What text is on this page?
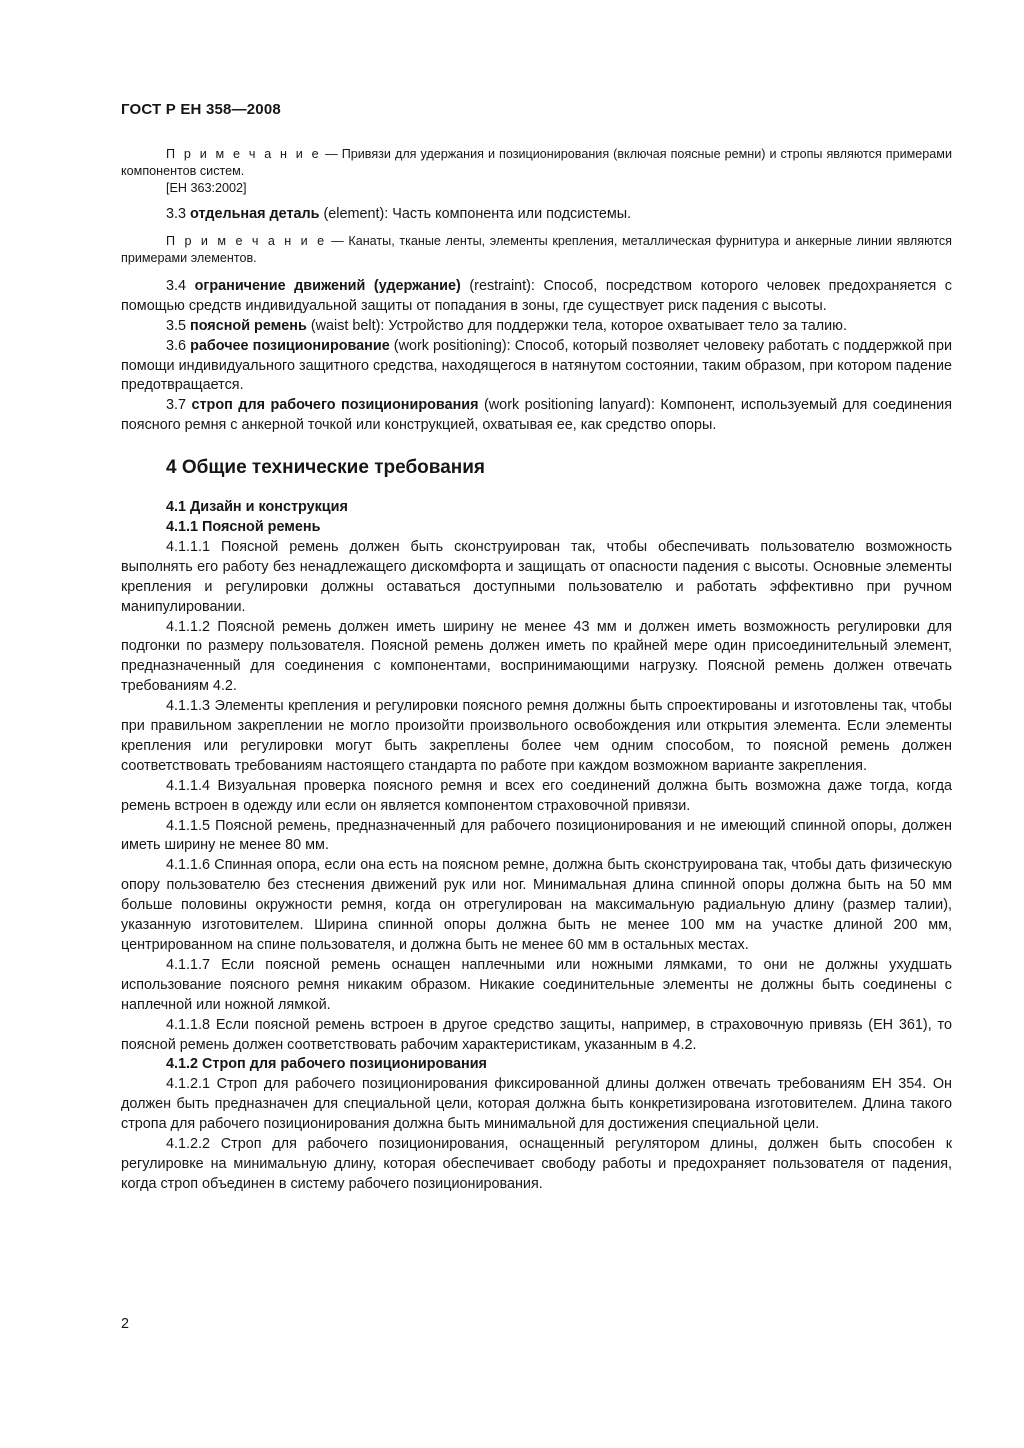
ГОСТ Р ЕН 358—2008

П р и м е ч а н и е — Привязи для удержания и позиционирования (включая поясные ремни) и стропы являются примерами компонентов систем.

[ЕН 363:2002]

3.3 отдельная деталь (element): Часть компонента или подсистемы.

П р и м е ч а н и е — Канаты, тканые ленты, элементы крепления, металлическая фурнитура и анкерные линии являются примерами элементов.

3.4 ограничение движений (удержание) (restraint): Способ, посредством которого человек предохраняется с помощью средств индивидуальной защиты от попадания в зоны, где существует риск падения с высоты.

3.5 поясной ремень (waist belt): Устройство для поддержки тела, которое охватывает тело за талию.

3.6 рабочее позиционирование (work positioning): Способ, который позволяет человеку работать с поддержкой при помощи индивидуального защитного средства, находящегося в натянутом состоянии, таким образом, при котором падение предотвращается.

3.7 строп для рабочего позиционирования (work positioning lanyard): Компонент, используемый для соединения поясного ремня с анкерной точкой или конструкцией, охватывая ее, как средство опоры.

4 Общие технические требования
4.1 Дизайн и конструкция
4.1.1 Поясной ремень

4.1.1.1 Поясной ремень должен быть сконструирован так, чтобы обеспечивать пользователю возможность выполнять его работу без ненадлежащего дискомфорта и защищать от опасности падения с высоты. Основные элементы крепления и регулировки должны оставаться доступными пользователю и работать эффективно при ручном манипулировании.

4.1.1.2 Поясной ремень должен иметь ширину не менее 43 мм и должен иметь возможность регулировки для подгонки по размеру пользователя. Поясной ремень должен иметь по крайней мере один присоединительный элемент, предназначенный для соединения с компонентами, воспринимающими нагрузку. Поясной ремень должен отвечать требованиям 4.2.

4.1.1.3 Элементы крепления и регулировки поясного ремня должны быть спроектированы и изготовлены так, чтобы при правильном закреплении не могло произойти произвольного освобождения или открытия элемента. Если элементы крепления или регулировки могут быть закреплены более чем одним способом, то поясной ремень должен соответствовать требованиям настоящего стандарта по работе при каждом возможном варианте закрепления.

4.1.1.4 Визуальная проверка поясного ремня и всех его соединений должна быть возможна даже тогда, когда ремень встроен в одежду или если он является компонентом страховочной привязи.

4.1.1.5 Поясной ремень, предназначенный для рабочего позиционирования и не имеющий спинной опоры, должен иметь ширину не менее 80 мм.

4.1.1.6 Спинная опора, если она есть на поясном ремне, должна быть сконструирована так, чтобы дать физическую опору пользователю без стеснения движений рук или ног. Минимальная длина спинной опоры должна быть на 50 мм больше половины окружности ремня, когда он отрегулирован на максимальную радиальную длину (размер талии), указанную изготовителем. Ширина спинной опоры должна быть не менее 100 мм на участке длиной 200 мм, центрированном на спине пользователя, и должна быть не менее 60 мм в остальных местах.

4.1.1.7 Если поясной ремень оснащен наплечными или ножными лямками, то они не должны ухудшать использование поясного ремня никаким образом. Никакие соединительные элементы не должны быть соединены с наплечной или ножной лямкой.

4.1.1.8 Если поясной ремень встроен в другое средство защиты, например, в страховочную привязь (ЕН 361), то поясной ремень должен соответствовать рабочим характеристикам, указанным в 4.2.

4.1.2 Строп для рабочего позиционирования

4.1.2.1 Строп для рабочего позиционирования фиксированной длины должен отвечать требованиям ЕН 354. Он должен быть предназначен для специальной цели, которая должна быть конкретизирована изготовителем. Длина такого стропа для рабочего позиционирования должна быть минимальной для достижения специальной цели.

4.1.2.2 Строп для рабочего позиционирования, оснащенный регулятором длины, должен быть способен к регулировке на минимальную длину, которая обеспечивает свободу работы и предохраняет пользователя от падения, когда строп объединен в систему рабочего позиционирования.

2
